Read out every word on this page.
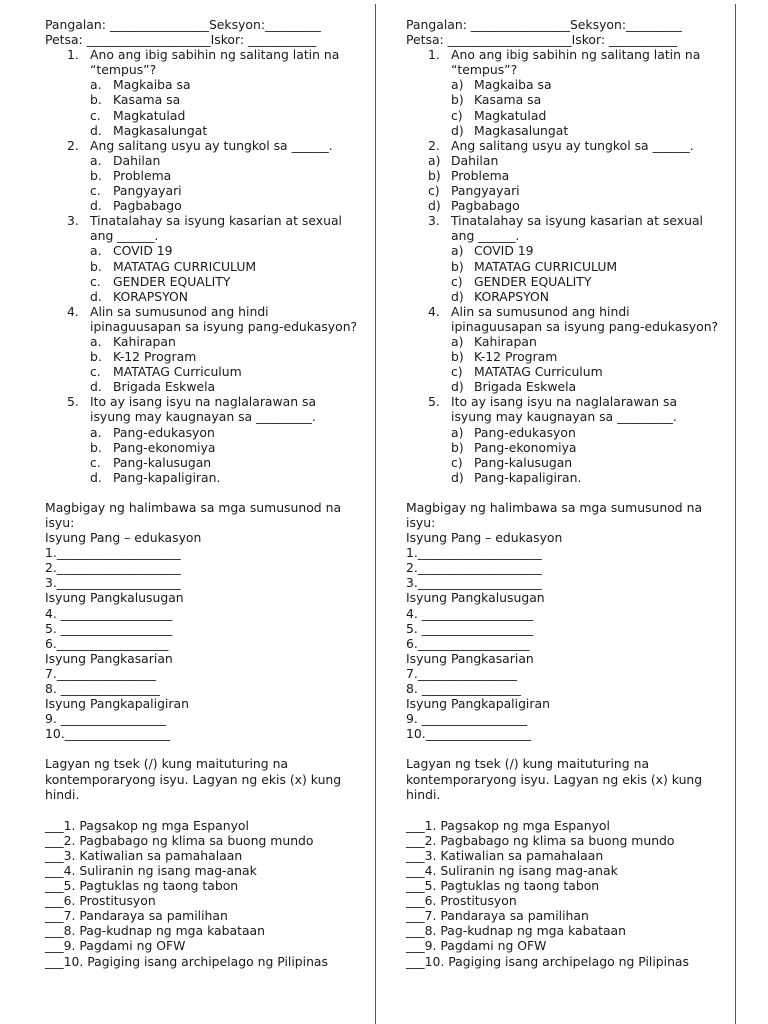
Pangalan: ________________Seksyon:_________
Petsa: ____________________Iskor: ___________
1. Ano ang ibig sabihin ng salitang latin na
“tempus”?
a. Magkaiba sa
b. Kasama sa
c. Magkatulad
d. Magkasalungat
2. Ang salitang usyu ay tungkol sa ______.
a. Dahilan
b. Problema
c. Pangyayari
d. Pagbabago
3. Tinatalahay sa isyung kasarian at sexual
ang ______.
a. COVID 19
b. MATATAG CURRICULUM
c. GENDER EQUALITY
d. KORAPSYON
4. Alin sa sumusunod ang hindi
ipinaguusapan sa isyung pang-edukasyon?
a. Kahirapan
b. K-12 Program
c. MATATAG Curriculum
d. Brigada Eskwela
5. Ito ay isang isyu na naglalarawan sa
isyung may kaugnayan sa _________.
a. Pang-edukasyon
b. Pang-ekonomiya
c. Pang-kalusugan
d. Pang-kapaligiran.
Magbigay ng halimbawa sa mga sumusunod na
isyu:
Isyung Pang – edukasyon
1.____________________
2.____________________
3.____________________
Isyung Pangkalusugan
4. __________________
5. __________________
6.__________________
Isyung Pangkasarian
7.________________
8. ________________
Isyung Pangkapaligiran
9. _________________
10._________________
Lagyan ng tsek (/) kung maituturing na
kontemporaryong isyu. Lagyan ng ekis (x) kung
hindi.
___1. Pagsakop ng mga Espanyol
___2. Pagbabago ng klima sa buong mundo
___3. Katiwalian sa pamahalaan
___4. Suliranin ng isang mag-anak
___5. Pagtuklas ng taong tabon
___6. Prostitusyon
___7. Pandaraya sa pamilihan
___8. Pag-kudnap ng mga kabataan
___9. Pagdami ng OFW
___10. Pagiging isang archipelago ng Pilipinas
Pangalan: ________________Seksyon:_________
Petsa: ____________________Iskor: ___________
1. Ano ang ibig sabihin ng salitang latin na
“tempus”?
a) Magkaiba sa
b) Kasama sa
c) Magkatulad
d) Magkasalungat
2. Ang salitang usyu ay tungkol sa ______.
a) Dahilan
b) Problema
c) Pangyayari
d) Pagbabago
3. Tinatalahay sa isyung kasarian at sexual
ang ______.
a) COVID 19
b) MATATAG CURRICULUM
c) GENDER EQUALITY
d) KORAPSYON
4. Alin sa sumusunod ang hindi
ipinaguusapan sa isyung pang-edukasyon?
a) Kahirapan
b) K-12 Program
c) MATATAG Curriculum
d) Brigada Eskwela
5. Ito ay isang isyu na naglalarawan sa
isyung may kaugnayan sa _________.
a) Pang-edukasyon
b) Pang-ekonomiya
c) Pang-kalusugan
d) Pang-kapaligiran.
Magbigay ng halimbawa sa mga sumusunod na
isyu:
Isyung Pang – edukasyon
1.____________________
2.____________________
3.____________________
Isyung Pangkalusugan
4. __________________
5. __________________
6.__________________
Isyung Pangkasarian
7.________________
8. ________________
Isyung Pangkapaligiran
9. _________________
10._________________
Lagyan ng tsek (/) kung maituturing na
kontemporaryong isyu. Lagyan ng ekis (x) kung
hindi.
___1. Pagsakop ng mga Espanyol
___2. Pagbabago ng klima sa buong mundo
___3. Katiwalian sa pamahalaan
___4. Suliranin ng isang mag-anak
___5. Pagtuklas ng taong tabon
___6. Prostitusyon
___7. Pandaraya sa pamilihan
___8. Pag-kudnap ng mga kabataan
___9. Pagdami ng OFW
___10. Pagiging isang archipelago ng Pilipinas
